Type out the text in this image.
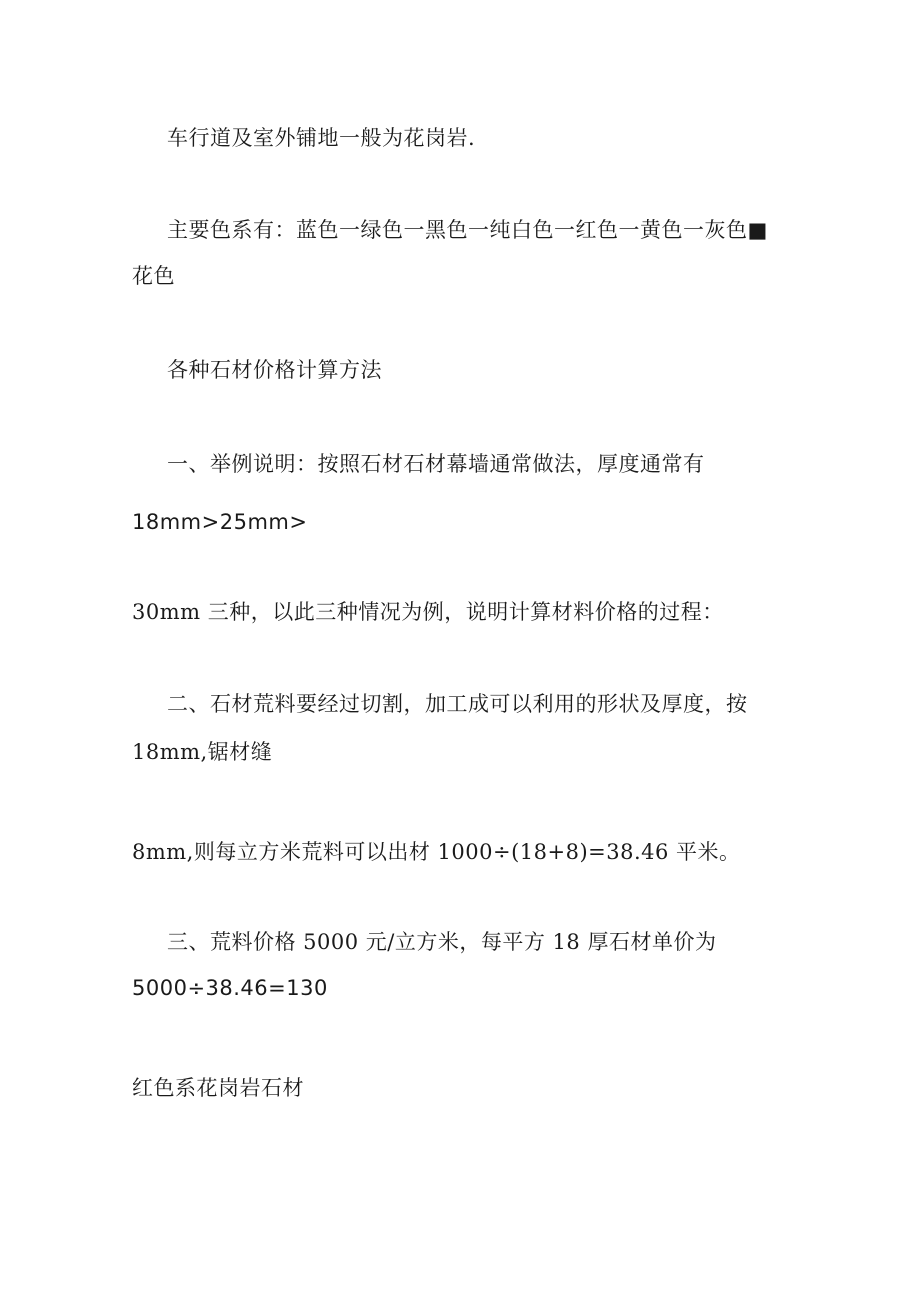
车行道及室外铺地一般为花岗岩.

主要色系有：蓝色一绿色一黑色一纯白色一红色一黄色一灰色■

花色

各种石材价格计算方法

一、举例说明：按照石材石材幕墙通常做法，厚度通常有

18mm>25mm>

30mm 三种，以此三种情况为例，说明计算材料价格的过程：

二、石材荒料要经过切割，加工成可以利用的形状及厚度，按

18mm,锯材缝

8mm,则每立方米荒料可以出材 1000÷(18+8)=38.46 平米。

三、荒料价格 5000 元/立方米，每平方 18 厚石材单价为

5000÷38.46=130

红色系花岗岩石材
